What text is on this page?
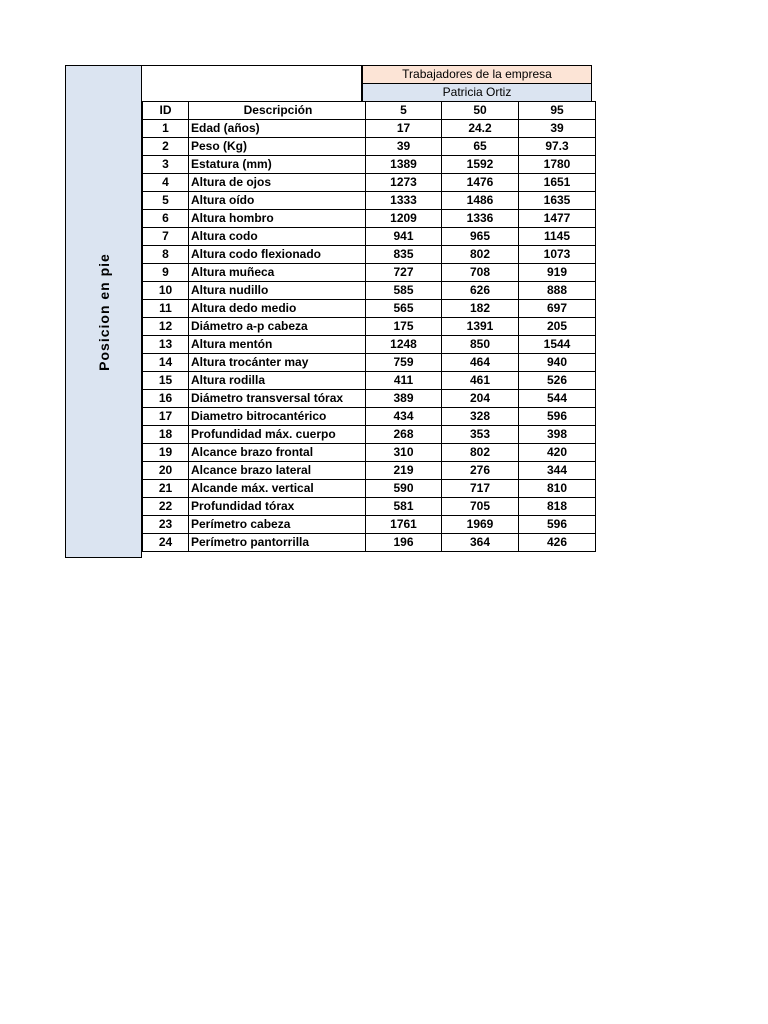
Posicion en pie
Trabajadores de la empresa
Patricia Ortiz
ID	Descripción	5	50	95
1	Edad (años)	17	24.2	39
2	Peso (Kg)	39	65	97.3
3	Estatura (mm)	1389	1592	1780
4	Altura de ojos	1273	1476	1651
5	Altura oído	1333	1486	1635
6	Altura hombro	1209	1336	1477
7	Altura codo	941	965	1145
8	Altura codo flexionado	835	802	1073
9	Altura muñeca	727	708	919
10	Altura nudillo	585	626	888
11	Altura dedo medio	565	182	697
12	Diámetro a-p cabeza	175	1391	205
13	Altura mentón	1248	850	1544
14	Altura trocánter may	759	464	940
15	Altura rodilla	411	461	526
16	Diámetro transversal tórax	389	204	544
17	Diametro bitrocantérico	434	328	596
18	Profundidad máx. cuerpo	268	353	398
19	Alcance brazo frontal	310	802	420
20	Alcance brazo lateral	219	276	344
21	Alcande máx. vertical	590	717	810
22	Profundidad tórax	581	705	818
23	Perímetro cabeza	1761	1969	596
24	Perímetro pantorrilla	196	364	426
